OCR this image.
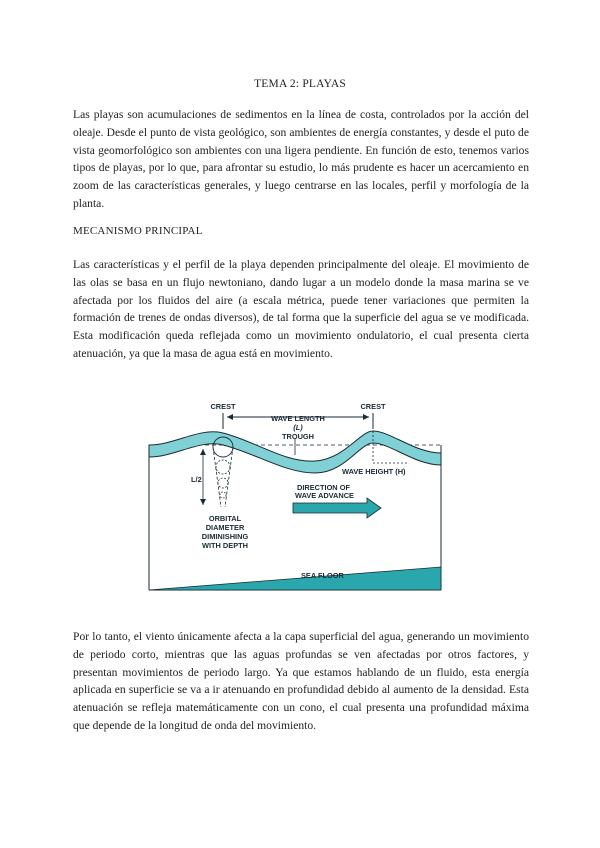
TEMA 2: PLAYAS

Las playas son acumulaciones de sedimentos en la línea de costa, controlados por la acción del oleaje. Desde el punto de vista geológico, son ambientes de energía constantes, y desde el puto de vista geomorfológico son ambientes con una ligera pendiente. En función de esto, tenemos varios tipos de playas, por lo que, para afrontar su estudio, lo más prudente es hacer un acercamiento en zoom de las características generales, y luego centrarse en las locales, perfil y morfología de la planta.

MECANISMO PRINCIPAL

Las características y el perfil de la playa dependen principalmente del oleaje. El movimiento de las olas se basa en un flujo newtoniano, dando lugar a un modelo donde la masa marina se ve afectada por los fluidos del aire (a escala métrica, puede tener variaciones que permiten la formación de trenes de ondas diversos), de tal forma que la superficie del agua se ve modificada. Esta modificación queda reflejada como un movimiento ondulatorio, el cual presenta cierta atenuación, ya que la masa de agua está en movimiento.

CREST	CREST
WAVE LENGTH
(L)
TROUGH
WAVE HEIGHT (H)
L/2
DIRECTION OF
WAVE ADVANCE
ORBITAL
DIAMETER
DIMINISHING
WITH DEPTH
SEA FLOOR

Por lo tanto, el viento únicamente afecta a la capa superficial del agua, generando un movimiento de periodo corto, mientras que las aguas profundas se ven afectadas por otros factores, y presentan movimientos de periodo largo. Ya que estamos hablando de un fluido, esta energía aplicada en superficie se va a ir atenuando en profundidad debido al aumento de la densidad. Esta atenuación se refleja matemáticamente con un cono, el cual presenta una profundidad máxima que depende de la longitud de onda del movimiento.
